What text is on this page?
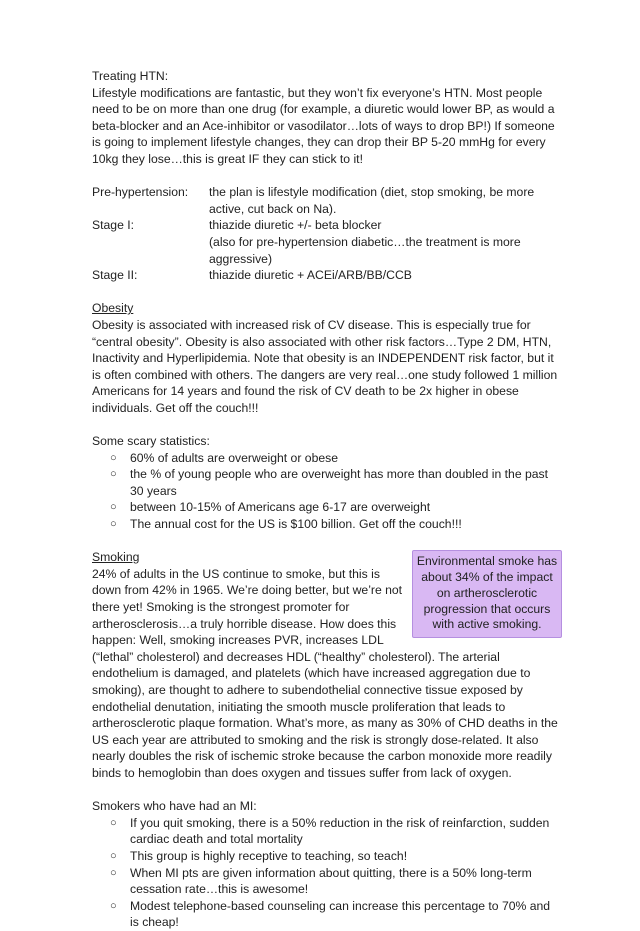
Treating HTN:

Lifestyle modifications are fantastic, but they won’t fix everyone’s HTN. Most people need to be on more than one drug (for example, a diuretic would lower BP, as would a beta-blocker and an Ace-inhibitor or vasodilator…lots of ways to drop BP!) If someone is going to implement lifestyle changes, they can drop their BP 5-20 mmHg for every 10kg they lose…this is great IF they can stick to it!

Pre-hypertension:	the plan is lifestyle modification (diet, stop smoking, be more active, cut back on Na).
Stage I:	thiazide diuretic +/- beta blocker
(also for pre-hypertension diabetic…the treatment is more aggressive)
Stage II:	thiazide diuretic + ACEi/ARB/BB/CCB

Obesity

Obesity is associated with increased risk of CV disease. This is especially true for “central obesity”. Obesity is also associated with other risk factors…Type 2 DM, HTN, Inactivity and Hyperlipidemia. Note that obesity is an INDEPENDENT risk factor, but it is often combined with others. The dangers are very real…one study followed 1 million Americans for 14 years and found the risk of CV death to be 2x higher in obese individuals. Get off the couch!!!

Some scary statistics:

○ 60% of adults are overweight or obese
○ the % of young people who are overweight has more than doubled in the past 30 years
○ between 10-15% of Americans age 6-17 are overweight
○ The annual cost for the US is $100 billion. Get off the couch!!!
Environmental smoke has about 34% of the impact on artherosclerotic progression that occurs with active smoking.

Smoking

24% of adults in the US continue to smoke, but this is down from 42% in 1965. We’re doing better, but we’re not there yet! Smoking is the strongest promoter for artherosclerosis…a truly horrible disease. How does this happen: Well, smoking increases PVR, increases LDL (“lethal” cholesterol) and decreases HDL (“healthy” cholesterol). The arterial endothelium is damaged, and platelets (which have increased aggregation due to smoking), are thought to adhere to subendothelial connective tissue exposed by endothelial denutation, initiating the smooth muscle proliferation that leads to artherosclerotic plaque formation. What’s more, as many as 30% of CHD deaths in the US each year are attributed to smoking and the risk is strongly dose-related. It also nearly doubles the risk of ischemic stroke because the carbon monoxide more readily binds to hemoglobin than does oxygen and tissues suffer from lack of oxygen.

Smokers who have had an MI:

○ If you quit smoking, there is a 50% reduction in the risk of reinfarction, sudden cardiac death and total mortality
○ This group is highly receptive to teaching, so teach!
○ When MI pts are given information about quitting, there is a 50% long-term cessation rate…this is awesome!
○ Modest telephone-based counseling can increase this percentage to 70% and is cheap!
